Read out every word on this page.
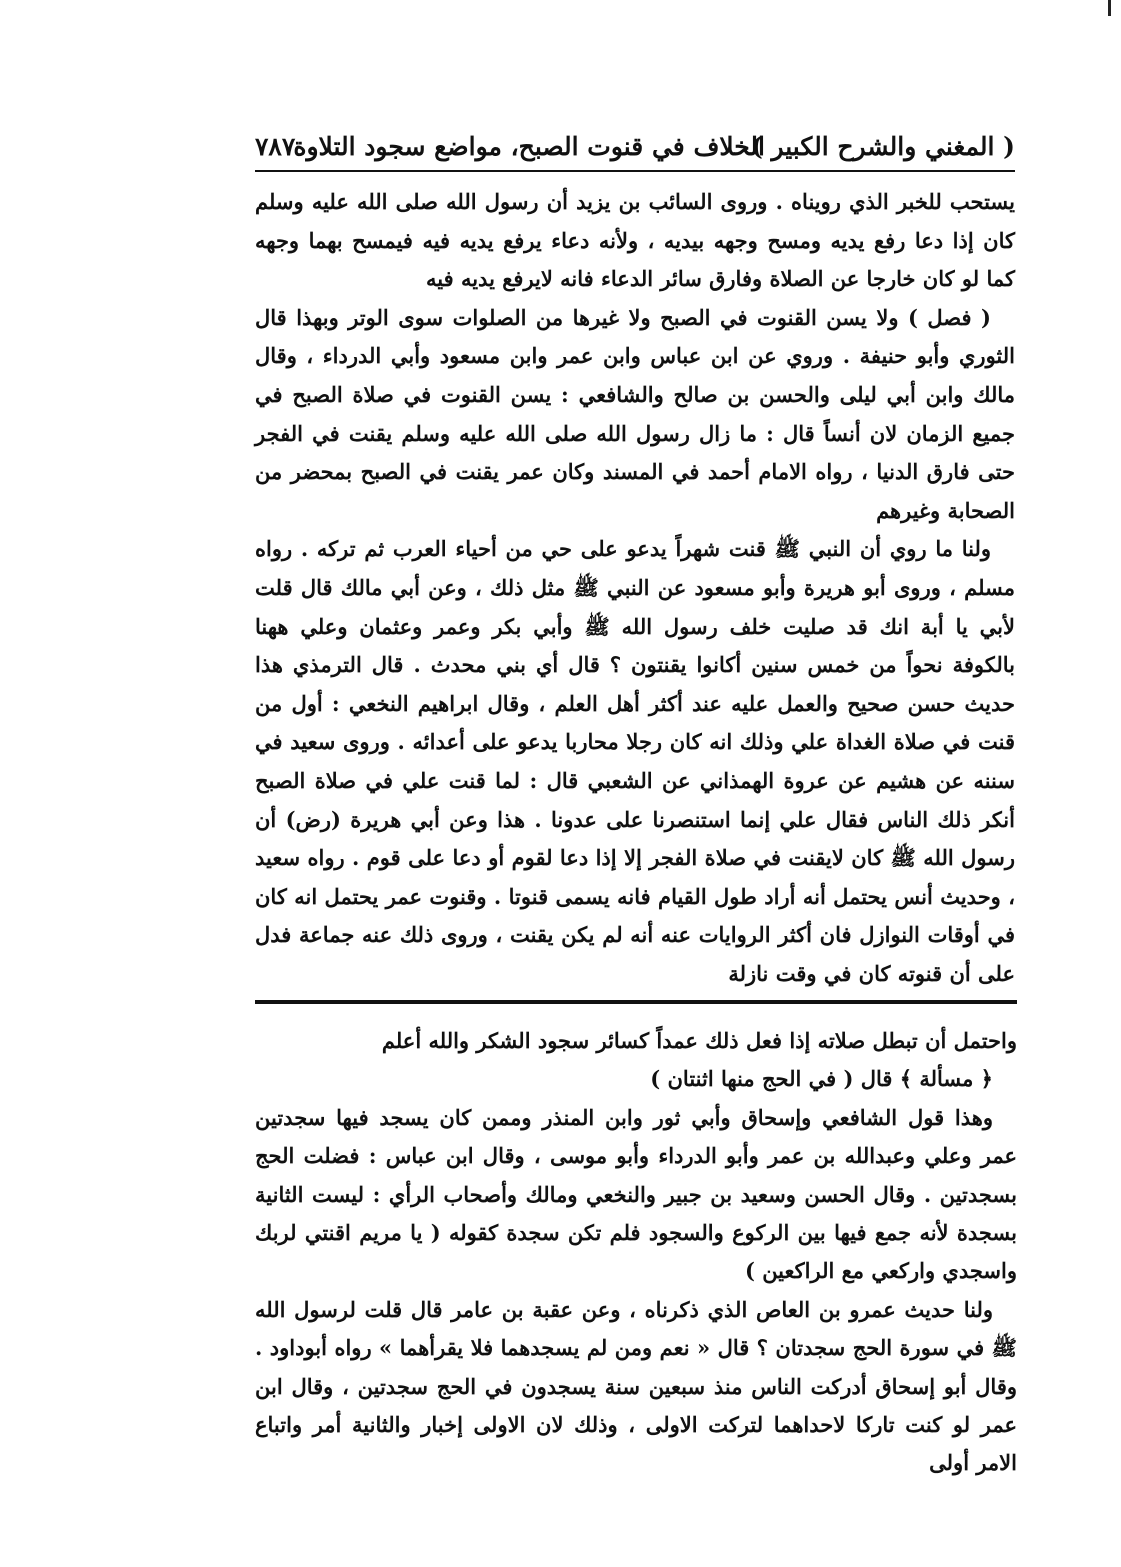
( المغني والشرح الكبير )
الخلاف في قنوت الصبح، مواضع سجود التلاوة
٧٨٧

يستحب للخبر الذي رويناه . وروى السائب بن يزيد أن رسول الله صلى الله عليه وسلم كان إذا دعا رفع يديه ومسح وجهه بيديه ، ولأنه دعاء يرفع يديه فيه فيمسح بهما وجهه كما لو كان خارجا عن الصلاة وفارق سائر الدعاء فانه لايرفع يديه فيه

( فصل ) ولا يسن القنوت في الصبح ولا غيرها من الصلوات سوى الوتر وبهذا قال الثوري وأبو حنيفة . وروي عن ابن عباس وابن عمر وابن مسعود وأبي الدرداء ، وقال مالك وابن أبي ليلى والحسن بن صالح والشافعي : يسن القنوت في صلاة الصبح في جميع الزمان لان أنساً قال : ما زال رسول الله صلى الله عليه وسلم يقنت في الفجر حتى فارق الدنيا ، رواه الامام أحمد في المسند وكان عمر يقنت في الصبح بمحضر من الصحابة وغيرهم

ولنا ما روي أن النبي ﷺ قنت شهراً يدعو على حي من أحياء العرب ثم تركه . رواه مسلم ، وروى أبو هريرة وأبو مسعود عن النبي ﷺ مثل ذلك ، وعن أبي مالك قال قلت لأبي يا أبة انك قد صليت خلف رسول الله ﷺ وأبي بكر وعمر وعثمان وعلي ههنا بالكوفة نحواً من خمس سنين أكانوا يقنتون ؟ قال أي بني محدث . قال الترمذي هذا حديث حسن صحيح والعمل عليه عند أكثر أهل العلم ، وقال ابراهيم النخعي : أول من قنت في صلاة الغداة علي وذلك انه كان رجلا محاربا يدعو على أعدائه . وروى سعيد في سننه عن هشيم عن عروة الهمذاني عن الشعبي قال : لما قنت علي في صلاة الصبح أنكر ذلك الناس فقال علي إنما استنصرنا على عدونا . هذا وعن أبي هريرة (رض) أن رسول الله ﷺ كان لايقنت في صلاة الفجر إلا إذا دعا لقوم أو دعا على قوم . رواه سعيد ، وحديث أنس يحتمل أنه أراد طول القيام فانه يسمى قنوتا . وقنوت عمر يحتمل انه كان في أوقات النوازل فان أكثر الروايات عنه أنه لم يكن يقنت ، وروى ذلك عنه جماعة فدل على أن قنوته كان في وقت نازلة

واحتمل أن تبطل صلاته إذا فعل ذلك عمداً كسائر سجود الشكر والله أعلم

﴿ مسألة ﴾ قال ( في الحج منها اثنتان )

وهذا قول الشافعي وإسحاق وأبي ثور وابن المنذر وممن كان يسجد فيها سجدتين عمر وعلي وعبدالله بن عمر وأبو الدرداء وأبو موسى ، وقال ابن عباس : فضلت الحج بسجدتين . وقال الحسن وسعيد بن جبير والنخعي ومالك وأصحاب الرأي : ليست الثانية بسجدة لأنه جمع فيها بين الركوع والسجود فلم تكن سجدة كقوله ( يا مريم اقنتي لربك واسجدي واركعي مع الراكعين )

ولنا حديث عمرو بن العاص الذي ذكرناه ، وعن عقبة بن عامر قال قلت لرسول الله ﷺ في سورة الحج سجدتان ؟ قال « نعم ومن لم يسجدهما فلا يقرأهما » رواه أبوداود . وقال أبو إسحاق أدركت الناس منذ سبعين سنة يسجدون في الحج سجدتين ، وقال ابن عمر لو كنت تاركا لاحداهما لتركت الاولى ، وذلك لان الاولى إخبار والثانية أمر واتباع الامر أولى
